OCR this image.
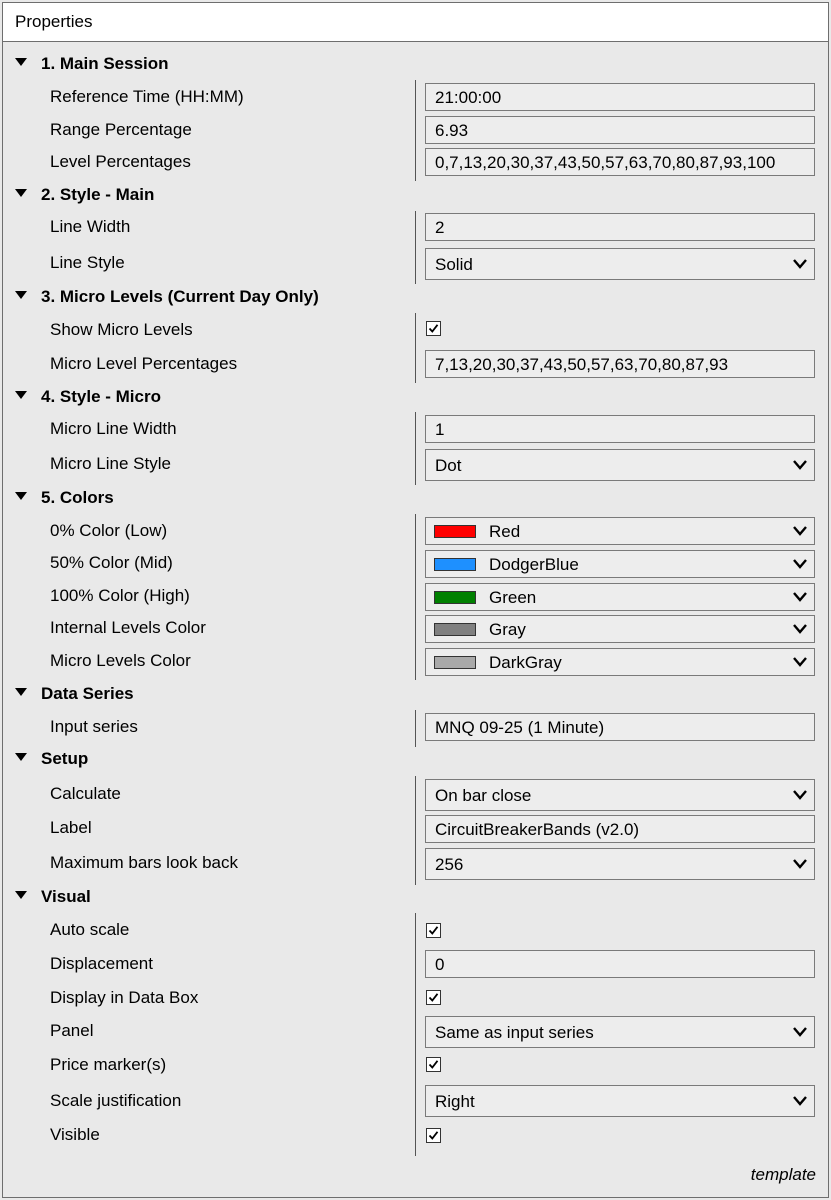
Properties
1. Main Session
Reference Time (HH:MM)	21:00:00
Range Percentage	6.93
Level Percentages	0,7,13,20,30,37,43,50,57,63,70,80,87,93,100
2. Style - Main
Line Width	2
Line Style	Solid
3. Micro Levels (Current Day Only)
Show Micro Levels
Micro Level Percentages	7,13,20,30,37,43,50,57,63,70,80,87,93
4. Style - Micro
Micro Line Width	1
Micro Line Style	Dot
5. Colors
0% Color (Low)	Red
50% Color (Mid)	DodgerBlue
100% Color (High)	Green
Internal Levels Color	Gray
Micro Levels Color	DarkGray
Data Series
Input series	MNQ 09-25 (1 Minute)
Setup
Calculate	On bar close
Label	CircuitBreakerBands (v2.0)
Maximum bars look back	256
Visual
Auto scale
Displacement	0
Display in Data Box
Panel	Same as input series
Price marker(s)
Scale justification	Right
Visible
template
